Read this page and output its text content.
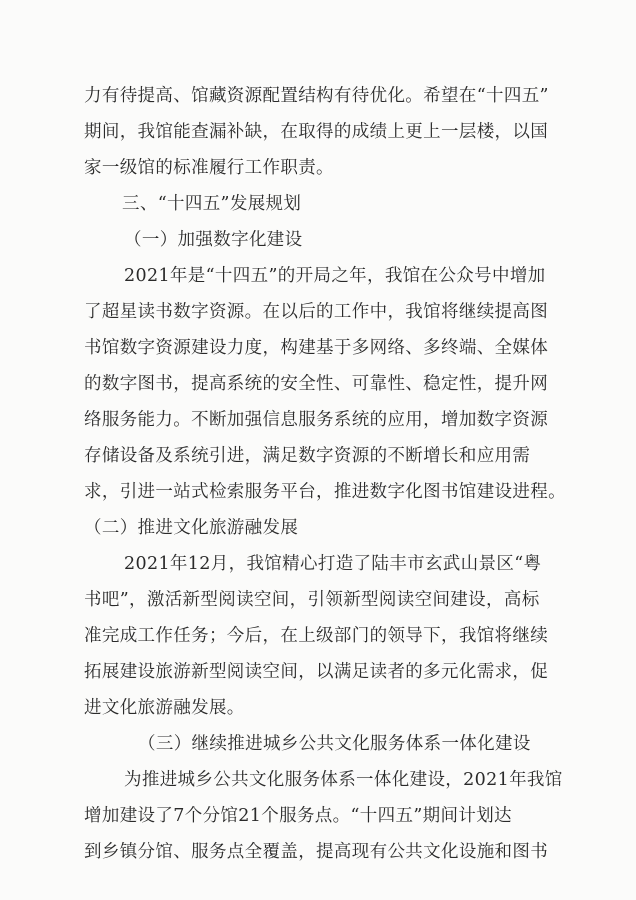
力有待提高、馆藏资源配置结构有待优化。希望在“十四五”
期间，我馆能查漏补缺，在取得的成绩上更上一层楼，以国
家一级馆的标准履行工作职责。
三、“十四五”发展规划
（一）加强数字化建设
2021年是“十四五”的开局之年，我馆在公众号中增加
了超星读书数字资源。在以后的工作中，我馆将继续提高图
书馆数字资源建设力度，构建基于多网络、多终端、全媒体
的数字图书，提高系统的安全性、可靠性、稳定性，提升网
络服务能力。不断加强信息服务系统的应用，增加数字资源
存储设备及系统引进，满足数字资源的不断增长和应用需
求，引进一站式检索服务平台，推进数字化图书馆建设进程。
（二）推进文化旅游融发展
2021年12月，我馆精心打造了陆丰市玄武山景区“粤
书吧”，激活新型阅读空间，引领新型阅读空间建设，高标
准完成工作任务；今后，在上级部门的领导下，我馆将继续
拓展建设旅游新型阅读空间，以满足读者的多元化需求，促
进文化旅游融发展。
（三）继续推进城乡公共文化服务体系一体化建设
为推进城乡公共文化服务体系一体化建设，2021年我馆
增加建设了7个分馆21个服务点。“十四五”期间计划达
到乡镇分馆、服务点全覆盖，提高现有公共文化设施和图书
